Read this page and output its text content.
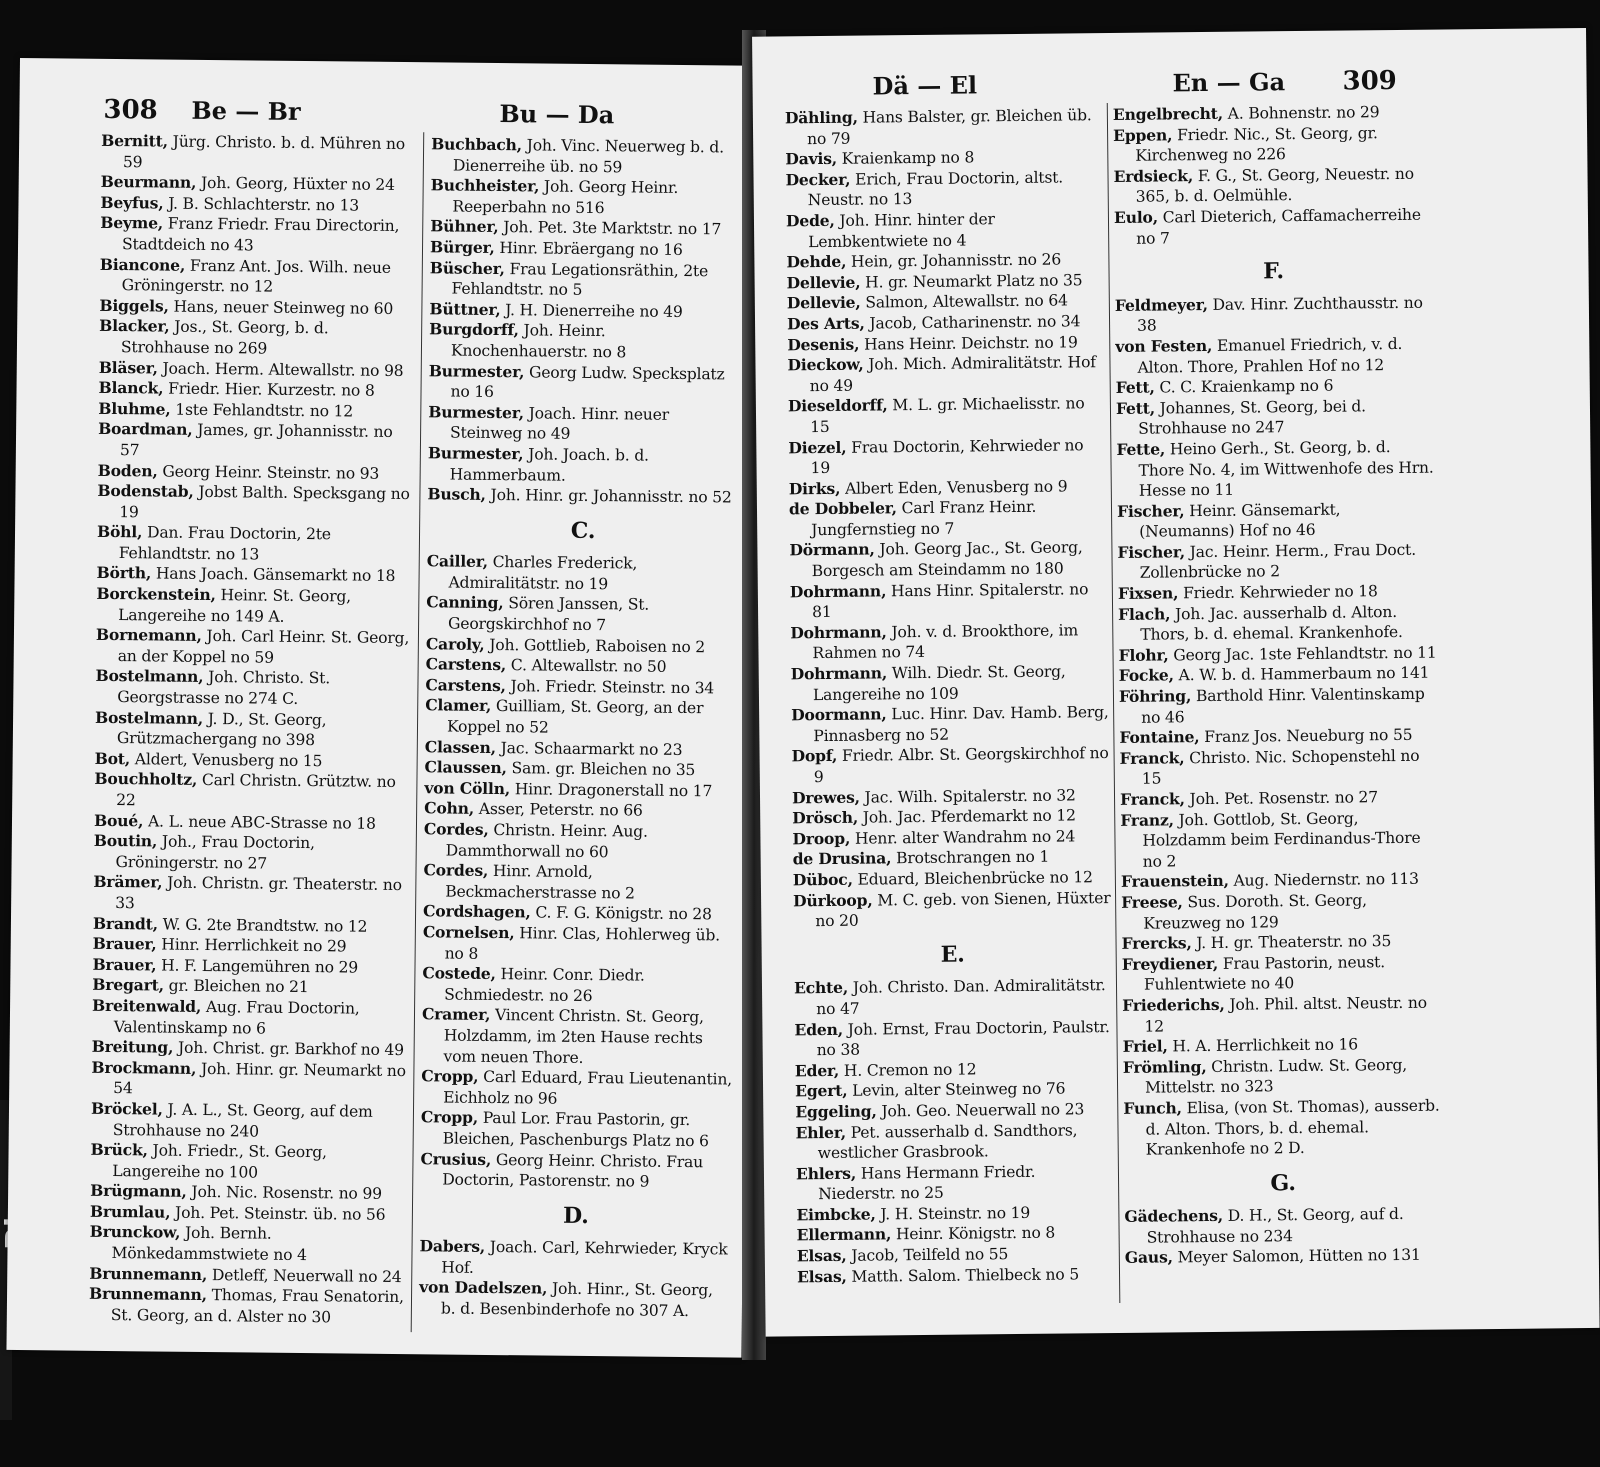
308 Be — Br	Bu — Da

Bernitt, Jürg. Christo. b. d. Mühren no 59

Beurmann, Joh. Georg, Hüxter no 24

Beyfus, J. B. Schlachterstr. no 13

Beyme, Franz Friedr. Frau Directorin, Stadtdeich no 43

Biancone, Franz Ant. Jos. Wilh. neue Gröningerstr. no 12

Biggels, Hans, neuer Steinweg no 60

Blacker, Jos., St. Georg, b. d. Strohhause no 269

Bläser, Joach. Herm. Altewallstr. no 98

Blanck, Friedr. Hier. Kurzestr. no 8

Bluhme, 1ste Fehlandtstr. no 12

Boardman, James, gr. Johannisstr. no 57

Boden, Georg Heinr. Steinstr. no 93

Bodenstab, Jobst Balth. Specksgang no 19

Böhl, Dan. Frau Doctorin, 2te Fehlandtstr. no 13

Börth, Hans Joach. Gänsemarkt no 18

Borckenstein, Heinr. St. Georg, Langereihe no 149 A.

Bornemann, Joh. Carl Heinr. St. Georg, an der Koppel no 59

Bostelmann, Joh. Christo. St. Georgstrasse no 274 C.

Bostelmann, J. D., St. Georg, Grützmachergang no 398

Bot, Aldert, Venusberg no 15

Bouchholtz, Carl Christn. Grütztw. no 22

Boué, A. L. neue ABC-Strasse no 18

Boutin, Joh., Frau Doctorin, Gröningerstr. no 27

Brämer, Joh. Christn. gr. Theaterstr. no 33

Brandt, W. G. 2te Brandtstw. no 12

Brauer, Hinr. Herrlichkeit no 29

Brauer, H. F. Langemühren no 29

Bregart, gr. Bleichen no 21

Breitenwald, Aug. Frau Doctorin, Valentinskamp no 6

Breitung, Joh. Christ. gr. Barkhof no 49

Brockmann, Joh. Hinr. gr. Neumarkt no 54

Bröckel, J. A. L., St. Georg, auf dem Strohhause no 240

Brück, Joh. Friedr., St. Georg, Langereihe no 100

Brügmann, Joh. Nic. Rosenstr. no 99

Brumlau, Joh. Pet. Steinstr. üb. no 56

Brunckow, Joh. Bernh. Mönkedammstwiete no 4

Brunnemann, Detleff, Neuerwall no 24

Brunnemann, Thomas, Frau Senatorin, St. Georg, an d. Alster no 30

Buchbach, Joh. Vinc. Neuerweg b. d. Dienerreihe üb. no 59

Buchheister, Joh. Georg Heinr. Reeperbahn no 516

Bühner, Joh. Pet. 3te Marktstr. no 17

Bürger, Hinr. Ebräergang no 16

Büscher, Frau Legationsräthin, 2te Fehlandtstr. no 5

Büttner, J. H. Dienerreihe no 49

Burgdorff, Joh. Heinr. Knochenhauerstr. no 8

Burmester, Georg Ludw. Specksplatz no 16

Burmester, Joach. Hinr. neuer Steinweg no 49

Burmester, Joh. Joach. b. d. Hammerbaum.

Busch, Joh. Hinr. gr. Johannisstr. no 52

C.

Cailler, Charles Frederick, Admiralitätstr. no 19

Canning, Sören Janssen, St. Georgskirchhof no 7

Caroly, Joh. Gottlieb, Raboisen no 2

Carstens, C. Altewallstr. no 50

Carstens, Joh. Friedr. Steinstr. no 34

Clamer, Guilliam, St. Georg, an der Koppel no 52

Classen, Jac. Schaarmarkt no 23

Claussen, Sam. gr. Bleichen no 35

von Cölln, Hinr. Dragonerstall no 17

Cohn, Asser, Peterstr. no 66

Cordes, Christn. Heinr. Aug. Dammthorwall no 60

Cordes, Hinr. Arnold, Beckmacherstrasse no 2

Cordshagen, C. F. G. Königstr. no 28

Cornelsen, Hinr. Clas, Hohlerweg üb. no 8

Costede, Heinr. Conr. Diedr. Schmiedestr. no 26

Cramer, Vincent Christn. St. Georg, Holzdamm, im 2ten Hause rechts vom neuen Thore.

Cropp, Carl Eduard, Frau Lieutenantin, Eichholz no 96

Cropp, Paul Lor. Frau Pastorin, gr. Bleichen, Paschenburgs Platz no 6

Crusius, Georg Heinr. Christo. Frau Doctorin, Pastorenstr. no 9

D.

Dabers, Joach. Carl, Kehrwieder, Kryck Hof.

von Dadelszen, Joh. Hinr., St. Georg, b. d. Besenbinderhofe no 307 A.

Dä — El	En — Ga 309

Dähling, Hans Balster, gr. Bleichen üb. no 79

Davis, Kraienkamp no 8

Decker, Erich, Frau Doctorin, altst. Neustr. no 13

Dede, Joh. Hinr. hinter der Lembkentwiete no 4

Dehde, Hein, gr. Johannisstr. no 26

Dellevie, H. gr. Neumarkt Platz no 35

Dellevie, Salmon, Altewallstr. no 64

Des Arts, Jacob, Catharinenstr. no 34

Desenis, Hans Heinr. Deichstr. no 19

Dieckow, Joh. Mich. Admiralitätstr. Hof no 49

Dieseldorff, M. L. gr. Michaelisstr. no 15

Diezel, Frau Doctorin, Kehrwieder no 19

Dirks, Albert Eden, Venusberg no 9

de Dobbeler, Carl Franz Heinr. Jungfernstieg no 7

Dörmann, Joh. Georg Jac., St. Georg, Borgesch am Steindamm no 180

Dohrmann, Hans Hinr. Spitalerstr. no 81

Dohrmann, Joh. v. d. Brookthore, im Rahmen no 74

Dohrmann, Wilh. Diedr. St. Georg, Langereihe no 109

Doormann, Luc. Hinr. Dav. Hamb. Berg, Pinnasberg no 52

Dopf, Friedr. Albr. St. Georgskirchhof no 9

Drewes, Jac. Wilh. Spitalerstr. no 32

Drösch, Joh. Jac. Pferdemarkt no 12

Droop, Henr. alter Wandrahm no 24

de Drusina, Brotschrangen no 1

Düboc, Eduard, Bleichenbrücke no 12

Dürkoop, M. C. geb. von Sienen, Hüxter no 20

E.

Echte, Joh. Christo. Dan. Admiralitätstr. no 47

Eden, Joh. Ernst, Frau Doctorin, Paulstr. no 38

Eder, H. Cremon no 12

Egert, Levin, alter Steinweg no 76

Eggeling, Joh. Geo. Neuerwall no 23

Ehler, Pet. ausserhalb d. Sandthors, westlicher Grasbrook.

Ehlers, Hans Hermann Friedr. Niederstr. no 25

Eimbcke, J. H. Steinstr. no 19

Ellermann, Heinr. Königstr. no 8

Elsas, Jacob, Teilfeld no 55

Elsas, Matth. Salom. Thielbeck no 5

Engelbrecht, A. Bohnenstr. no 29

Eppen, Friedr. Nic., St. Georg, gr. Kirchenweg no 226

Erdsieck, F. G., St. Georg, Neuestr. no 365, b. d. Oelmühle.

Eulo, Carl Dieterich, Caffamacherreihe no 7

F.

Feldmeyer, Dav. Hinr. Zuchthausstr. no 38

von Festen, Emanuel Friedrich, v. d. Alton. Thore, Prahlen Hof no 12

Fett, C. C. Kraienkamp no 6

Fett, Johannes, St. Georg, bei d. Strohhause no 247

Fette, Heino Gerh., St. Georg, b. d. Thore No. 4, im Wittwenhofe des Hrn. Hesse no 11

Fischer, Heinr. Gänsemarkt, (Neumanns) Hof no 46

Fischer, Jac. Heinr. Herm., Frau Doct. Zollenbrücke no 2

Fixsen, Friedr. Kehrwieder no 18

Flach, Joh. Jac. ausserhalb d. Alton. Thors, b. d. ehemal. Krankenhofe.

Flohr, Georg Jac. 1ste Fehlandtstr. no 11

Focke, A. W. b. d. Hammerbaum no 141

Föhring, Barthold Hinr. Valentinskamp no 46

Fontaine, Franz Jos. Neueburg no 55

Franck, Christo. Nic. Schopenstehl no 15

Franck, Joh. Pet. Rosenstr. no 27

Franz, Joh. Gottlob, St. Georg, Holzdamm beim Ferdinandus-Thore no 2

Frauenstein, Aug. Niedernstr. no 113

Freese, Sus. Doroth. St. Georg, Kreuzweg no 129

Frercks, J. H. gr. Theaterstr. no 35

Freydiener, Frau Pastorin, neust. Fuhlentwiete no 40

Friederichs, Joh. Phil. altst. Neustr. no 12

Friel, H. A. Herrlichkeit no 16

Frömling, Christn. Ludw. St. Georg, Mittelstr. no 323

Funch, Elisa, (von St. Thomas), ausserb. d. Alton. Thors, b. d. ehemal. Krankenhofe no 2 D.

G.

Gädechens, D. H., St. Georg, auf d. Strohhause no 234

Gaus, Meyer Salomon, Hütten no 131
